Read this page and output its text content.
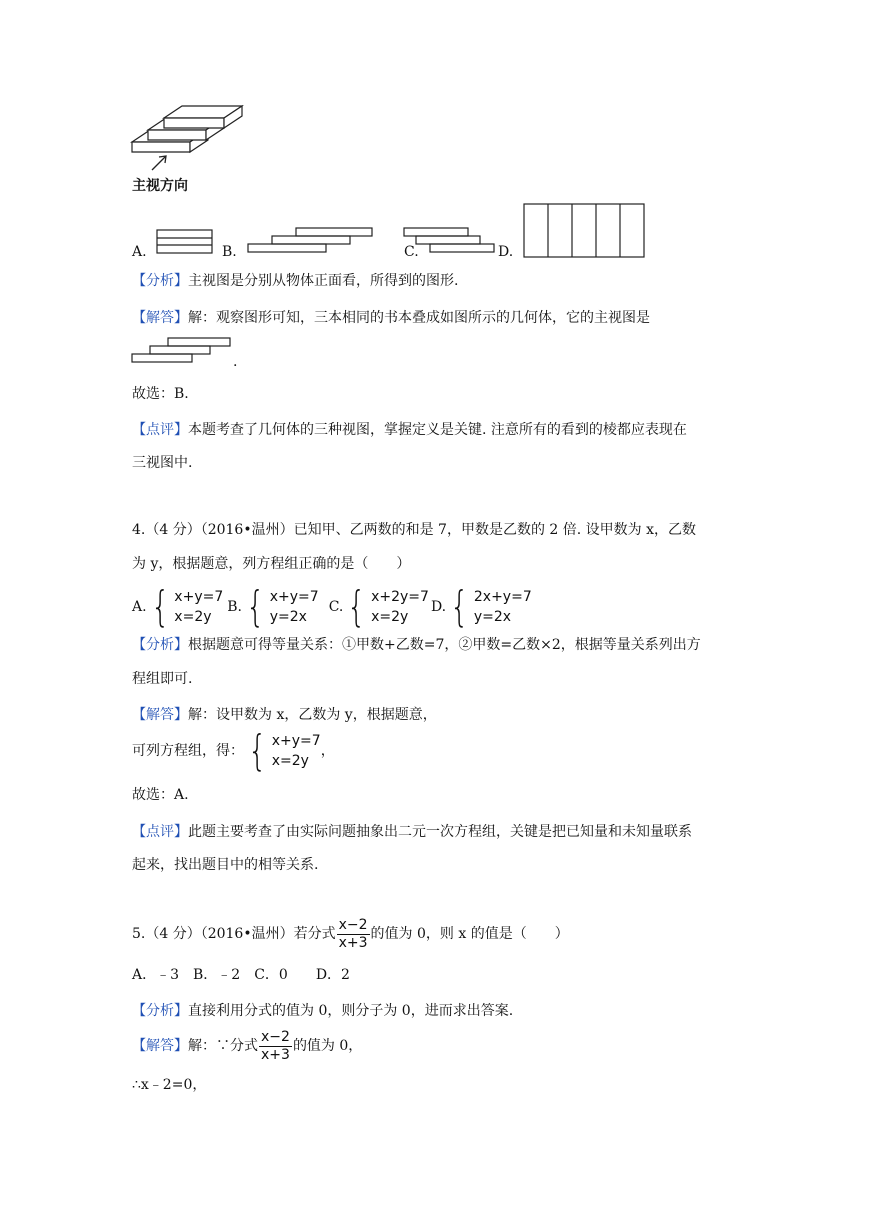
主视方向
A.	B.	C.	D.
【分析】主视图是分别从物体正面看，所得到的图形.
【解答】解：观察图形可知，三本相同的书本叠成如图所示的几何体，它的主视图是
.
故选：B.
【点评】本题考查了几何体的三种视图，掌握定义是关键. 注意所有的看到的棱都应表现在
三视图中.
4.（4 分）（2016•温州）已知甲、乙两数的和是 7，甲数是乙数的 2 倍. 设甲数为 x，乙数
为 y，根据题意，列方程组正确的是（　　）
A. { x+y=7
x=2y
B. { x+y=7
y=2x
C. { x+2y=7
x=2y
D. { 2x+y=7
y=2x
【分析】根据题意可得等量关系：①甲数+乙数=7，②甲数=乙数×2，根据等量关系列出方
程组即可.
【解答】解：设甲数为 x，乙数为 y，根据题意，
可列方程组，得： { x+y=7
x=2y
，
故选：A.
【点评】此题主要考查了由实际问题抽象出二元一次方程组，关键是把已知量和未知量联系
起来，找出题目中的相等关系.
5.（4 分）（2016•温州）若分式 $\frac{x-2}{x+3}$ 的值为 0，则 x 的值是（　　）
A．﹣3　B．﹣2　C．0　　D．2
【分析】直接利用分式的值为 0，则分子为 0，进而求出答案.
【解答】 解：∵分式 $\frac{x-2}{x+3}$ 的值为 0，
∴x﹣2=0，
